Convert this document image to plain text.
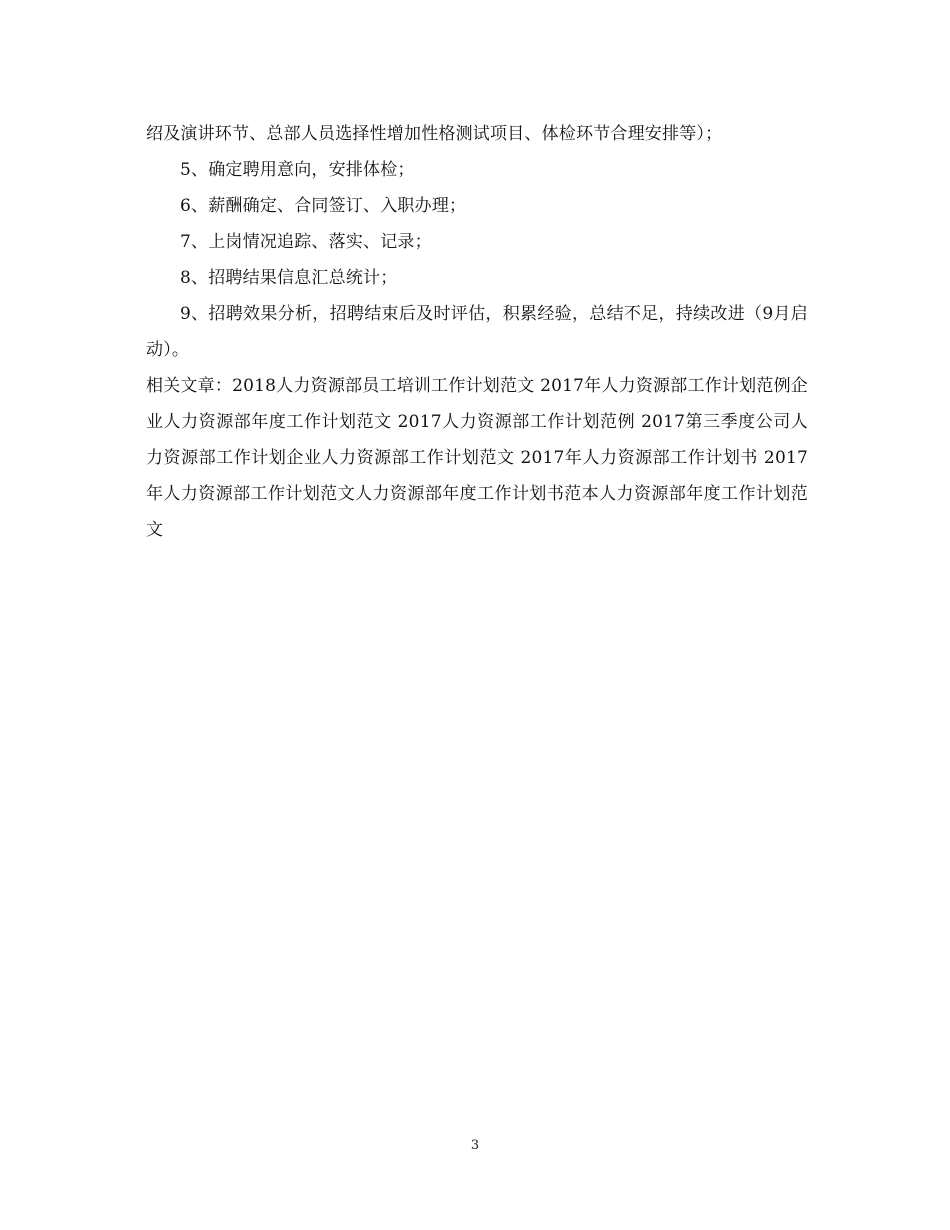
绍及演讲环节、总部人员选择性增加性格测试项目、体检环节合理安排等）；

5、确定聘用意向，安排体检；

6、薪酬确定、合同签订、入职办理；

7、上岗情况追踪、落实、记录；

8、招聘结果信息汇总统计；

9、招聘效果分析，招聘结束后及时评估，积累经验，总结不足，持续改进（9月启动）。

相关文章：2018人力资源部员工培训工作计划范文 2017年人力资源部工作计划范例企业人力资源部年度工作计划范文 2017人力资源部工作计划范例 2017第三季度公司人力资源部工作计划企业人力资源部工作计划范文 2017年人力资源部工作计划书 2017年人力资源部工作计划范文人力资源部年度工作计划书范本人力资源部年度工作计划范文

3
